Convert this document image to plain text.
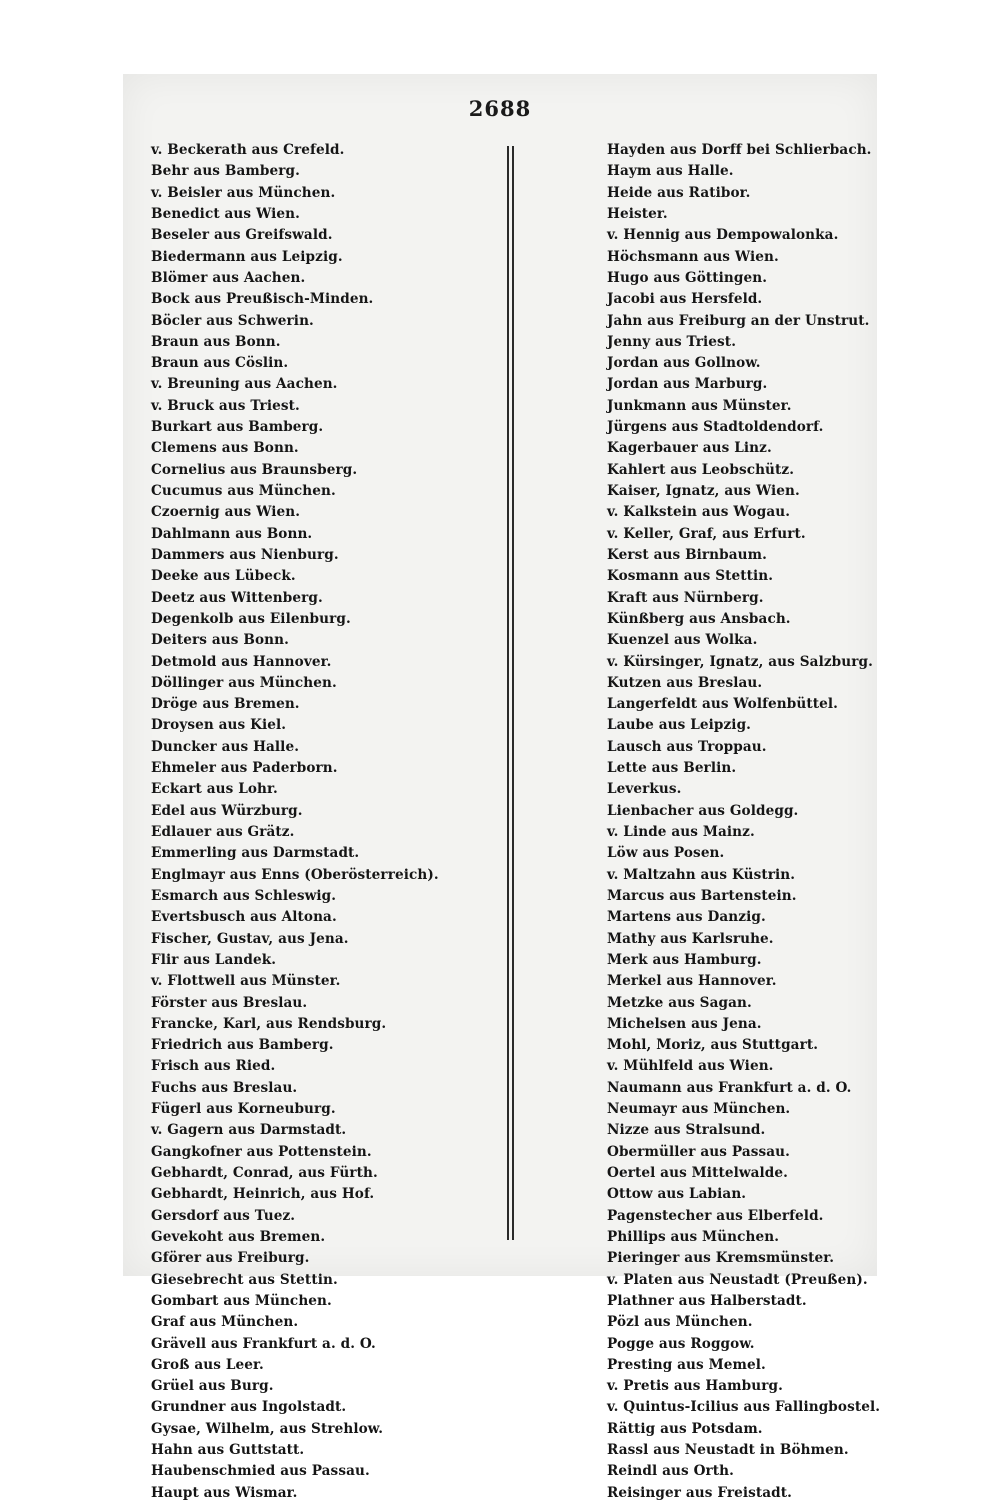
2688
v. Beckerath aus Crefeld.
Behr aus Bamberg.
v. Beisler aus München.
Benedict aus Wien.
Beseler aus Greifswald.
Biedermann aus Leipzig.
Blömer aus Aachen.
Bock aus Preußisch-Minden.
Böcler aus Schwerin.
Braun aus Bonn.
Braun aus Cöslin.
v. Breuning aus Aachen.
v. Bruck aus Triest.
Burkart aus Bamberg.
Clemens aus Bonn.
Cornelius aus Braunsberg.
Cucumus aus München.
Czoernig aus Wien.
Dahlmann aus Bonn.
Dammers aus Nienburg.
Deeke aus Lübeck.
Deetz aus Wittenberg.
Degenkolb aus Eilenburg.
Deiters aus Bonn.
Detmold aus Hannover.
Döllinger aus München.
Dröge aus Bremen.
Droysen aus Kiel.
Duncker aus Halle.
Ehmeler aus Paderborn.
Eckart aus Lohr.
Edel aus Würzburg.
Edlauer aus Grätz.
Emmerling aus Darmstadt.
Englmayr aus Enns (Oberösterreich).
Esmarch aus Schleswig.
Evertsbusch aus Altona.
Fischer, Gustav, aus Jena.
Flir aus Landek.
v. Flottwell aus Münster.
Förster aus Breslau.
Francke, Karl, aus Rendsburg.
Friedrich aus Bamberg.
Frisch aus Ried.
Fuchs aus Breslau.
Fügerl aus Korneuburg.
v. Gagern aus Darmstadt.
Gangkofner aus Pottenstein.
Gebhardt, Conrad, aus Fürth.
Gebhardt, Heinrich, aus Hof.
Gersdorf aus Tuez.
Gevekoht aus Bremen.
Gförer aus Freiburg.
Giesebrecht aus Stettin.
Gombart aus München.
Graf aus München.
Grävell aus Frankfurt a. d. O.
Groß aus Leer.
Grüel aus Burg.
Grundner aus Ingolstadt.
Gysae, Wilhelm, aus Strehlow.
Hahn aus Guttstatt.
Haubenschmied aus Passau.
Haupt aus Wismar.
Hayden aus Dorff bei Schlierbach.
Haym aus Halle.
Heide aus Ratibor.
Heister.
v. Hennig aus Dempowalonka.
Höchsmann aus Wien.
Hugo aus Göttingen.
Jacobi aus Hersfeld.
Jahn aus Freiburg an der Unstrut.
Jenny aus Triest.
Jordan aus Gollnow.
Jordan aus Marburg.
Junkmann aus Münster.
Jürgens aus Stadtoldendorf.
Kagerbauer aus Linz.
Kahlert aus Leobschütz.
Kaiser, Ignatz, aus Wien.
v. Kalkstein aus Wogau.
v. Keller, Graf, aus Erfurt.
Kerst aus Birnbaum.
Kosmann aus Stettin.
Kraft aus Nürnberg.
Künßberg aus Ansbach.
Kuenzel aus Wolka.
v. Kürsinger, Ignatz, aus Salzburg.
Kutzen aus Breslau.
Langerfeldt aus Wolfenbüttel.
Laube aus Leipzig.
Lausch aus Troppau.
Lette aus Berlin.
Leverkus.
Lienbacher aus Goldegg.
v. Linde aus Mainz.
Löw aus Posen.
v. Maltzahn aus Küstrin.
Marcus aus Bartenstein.
Martens aus Danzig.
Mathy aus Karlsruhe.
Merk aus Hamburg.
Merkel aus Hannover.
Metzke aus Sagan.
Michelsen aus Jena.
Mohl, Moriz, aus Stuttgart.
v. Mühlfeld aus Wien.
Naumann aus Frankfurt a. d. O.
Neumayr aus München.
Nizze aus Stralsund.
Obermüller aus Passau.
Oertel aus Mittelwalde.
Ottow aus Labian.
Pagenstecher aus Elberfeld.
Phillips aus München.
Pieringer aus Kremsmünster.
v. Platen aus Neustadt (Preußen).
Plathner aus Halberstadt.
Pözl aus München.
Pogge aus Roggow.
Presting aus Memel.
v. Pretis aus Hamburg.
v. Quintus-Icilius aus Fallingbostel.
Rättig aus Potsdam.
Rassl aus Neustadt in Böhmen.
Reindl aus Orth.
Reisinger aus Freistadt.
